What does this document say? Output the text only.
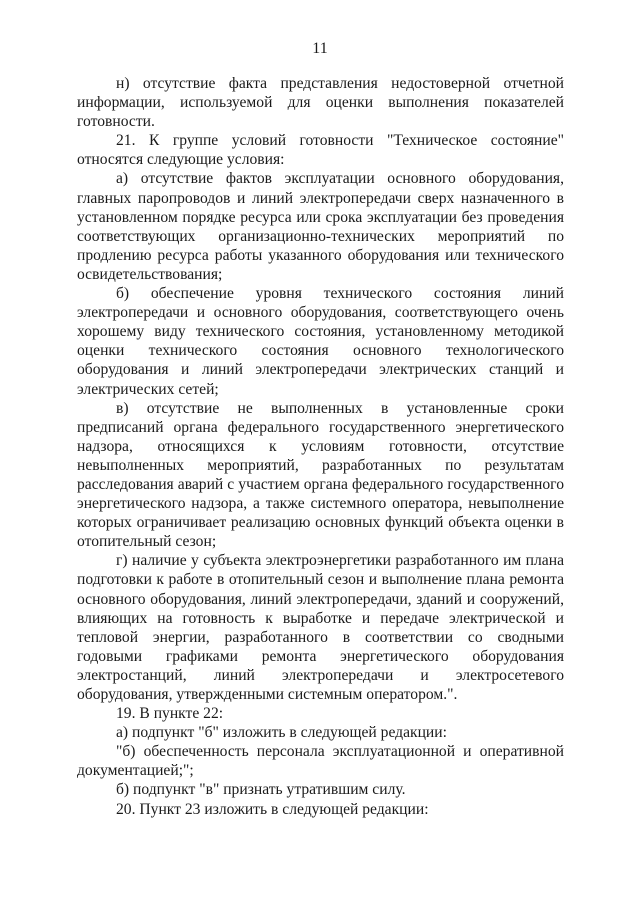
11

н) отсутствие факта представления недостоверной отчетной информации, используемой для оценки выполнения показателей готовности.

21. К группе условий готовности "Техническое состояние" относятся следующие условия:

а) отсутствие фактов эксплуатации основного оборудования, главных паропроводов и линий электропередачи сверх назначенного в установленном порядке ресурса или срока эксплуатации без проведения соответствующих организационно-технических мероприятий по продлению ресурса работы указанного оборудования или технического освидетельствования;

б) обеспечение уровня технического состояния линий электропередачи и основного оборудования, соответствующего очень хорошему виду технического состояния, установленному методикой оценки технического состояния основного технологического оборудования и линий электропередачи электрических станций и электрических сетей;

в) отсутствие не выполненных в установленные сроки предписаний органа федерального государственного энергетического надзора, относящихся к условиям готовности, отсутствие невыполненных мероприятий, разработанных по результатам расследования аварий с участием органа федерального государственного энергетического надзора, а также системного оператора, невыполнение которых ограничивает реализацию основных функций объекта оценки в отопительный сезон;

г) наличие у субъекта электроэнергетики разработанного им плана подготовки к работе в отопительный сезон и выполнение плана ремонта основного оборудования, линий электропередачи, зданий и сооружений, влияющих на готовность к выработке и передаче электрической и тепловой энергии, разработанного в соответствии со сводными годовыми графиками ремонта энергетического оборудования электростанций, линий электропередачи и электросетевого оборудования, утвержденными системным оператором.".

19. В пункте 22:

а) подпункт "б" изложить в следующей редакции:

"б) обеспеченность персонала эксплуатационной и оперативной документацией;";

б) подпункт "в" признать утратившим силу.

20. Пункт 23 изложить в следующей редакции:
